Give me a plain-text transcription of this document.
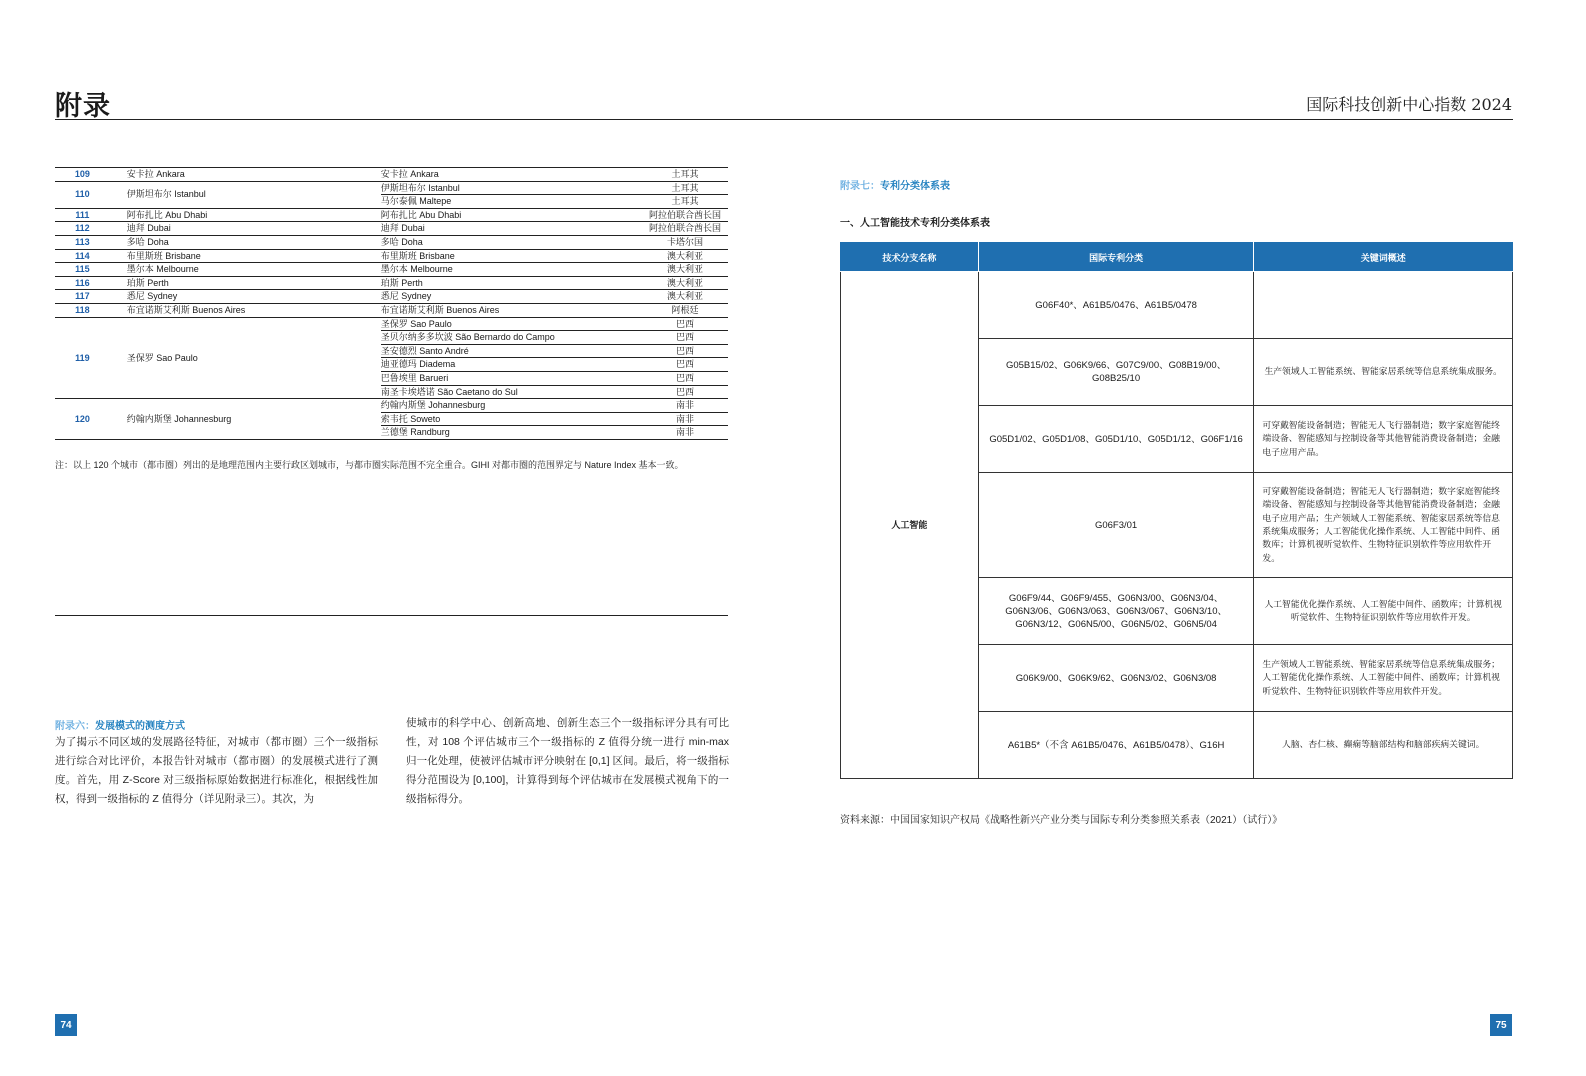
附录	国际科技创新中心指数 2024
109	安卡拉 Ankara	安卡拉 Ankara	土耳其
110	伊斯坦布尔 Istanbul	伊斯坦布尔 Istanbul	土耳其
		马尔泰佩 Maltepe	土耳其
111	阿布扎比 Abu Dhabi	阿布扎比 Abu Dhabi	阿拉伯联合酋长国
112	迪拜 Dubai	迪拜 Dubai	阿拉伯联合酋长国
113	多哈 Doha	多哈 Doha	卡塔尔国
114	布里斯班 Brisbane	布里斯班 Brisbane	澳大利亚
115	墨尔本 Melbourne	墨尔本 Melbourne	澳大利亚
116	珀斯 Perth	珀斯 Perth	澳大利亚
117	悉尼 Sydney	悉尼 Sydney	澳大利亚
118	布宜诺斯艾利斯 Buenos Aires	布宜诺斯艾利斯 Buenos Aires	阿根廷
119	圣保罗 Sao Paulo	圣保罗 Sao Paulo	巴西
		圣贝尔纳多多坎波 São Bernardo do Campo	巴西
		圣安德烈 Santo André	巴西
		迪亚德玛 Diadema	巴西
		巴鲁埃里 Barueri	巴西
		南圣卡埃塔诺 São Caetano do Sul	巴西
120	约翰内斯堡 Johannesburg	约翰内斯堡 Johannesburg	南非
		索韦托 Soweto	南非
		兰德堡 Randburg	南非
注：以上 120 个城市（都市圈）列出的是地理范围内主要行政区划城市，与都市圈实际范围不完全重合。GIHI 对都市圈的范围界定与 Nature Index 基本一致。
附录六：发展模式的测度方式
为了揭示不同区域的发展路径特征，对城市（都市圈）三个一级指标进行综合对比评价，本报告针对城市（都市圈）的发展模式进行了测度。首先，用 Z-Score 对三级指标原始数据进行标准化，根据线性加权，得到一级指标的 Z 值得分（详见附录三）。其次，为
使城市的科学中心、创新高地、创新生态三个一级指标评分具有可比性，对 108 个评估城市三个一级指标的 Z 值得分统一进行 min-max 归一化处理，使被评估城市评分映射在 [0,1] 区间。最后，将一级指标得分范围设为 [0,100]，计算得到每个评估城市在发展模式视角下的一级指标得分。
附录七：专利分类体系表
一、人工智能技术专利分类体系表
技术分支名称	国际专利分类	关键词概述
人工智能	G06F40*、A61B5/0476、A61B5/0478	
	G05B15/02、G06K9/66、G07C9/00、G08B19/00、G08B25/10	生产领域人工智能系统、智能家居系统等信息系统集成服务。
	G05D1/02、G05D1/08、G05D1/10、G05D1/12、G06F1/16	可穿戴智能设备制造；智能无人飞行器制造；数字家庭智能终端设备、智能感知与控制设备等其他智能消费设备制造；金融电子应用产品。
	G06F3/01	可穿戴智能设备制造；智能无人飞行器制造；数字家庭智能终端设备、智能感知与控制设备等其他智能消费设备制造；金融电子应用产品；生产领域人工智能系统、智能家居系统等信息系统集成服务；人工智能优化操作系统、人工智能中间件、函数库；计算机视听觉软件、生物特征识别软件等应用软件开发。
	G06F9/44、G06F9/455、G06N3/00、G06N3/04、G06N3/06、G06N3/063、G06N3/067、G06N3/10、G06N3/12、G06N5/00、G06N5/02、G06N5/04	人工智能优化操作系统、人工智能中间件、函数库；计算机视听觉软件、生物特征识别软件等应用软件开发。
	G06K9/00、G06K9/62、G06N3/02、G06N3/08	生产领域人工智能系统、智能家居系统等信息系统集成服务；人工智能优化操作系统、人工智能中间件、函数库；计算机视听觉软件、生物特征识别软件等应用软件开发。
	A61B5*（不含 A61B5/0476、A61B5/0478）、G16H	人脑、杏仁核、癫痫等脑部结构和脑部疾病关键词。
资料来源：中国国家知识产权局《战略性新兴产业分类与国际专利分类参照关系表（2021）（试行）》
74	75
